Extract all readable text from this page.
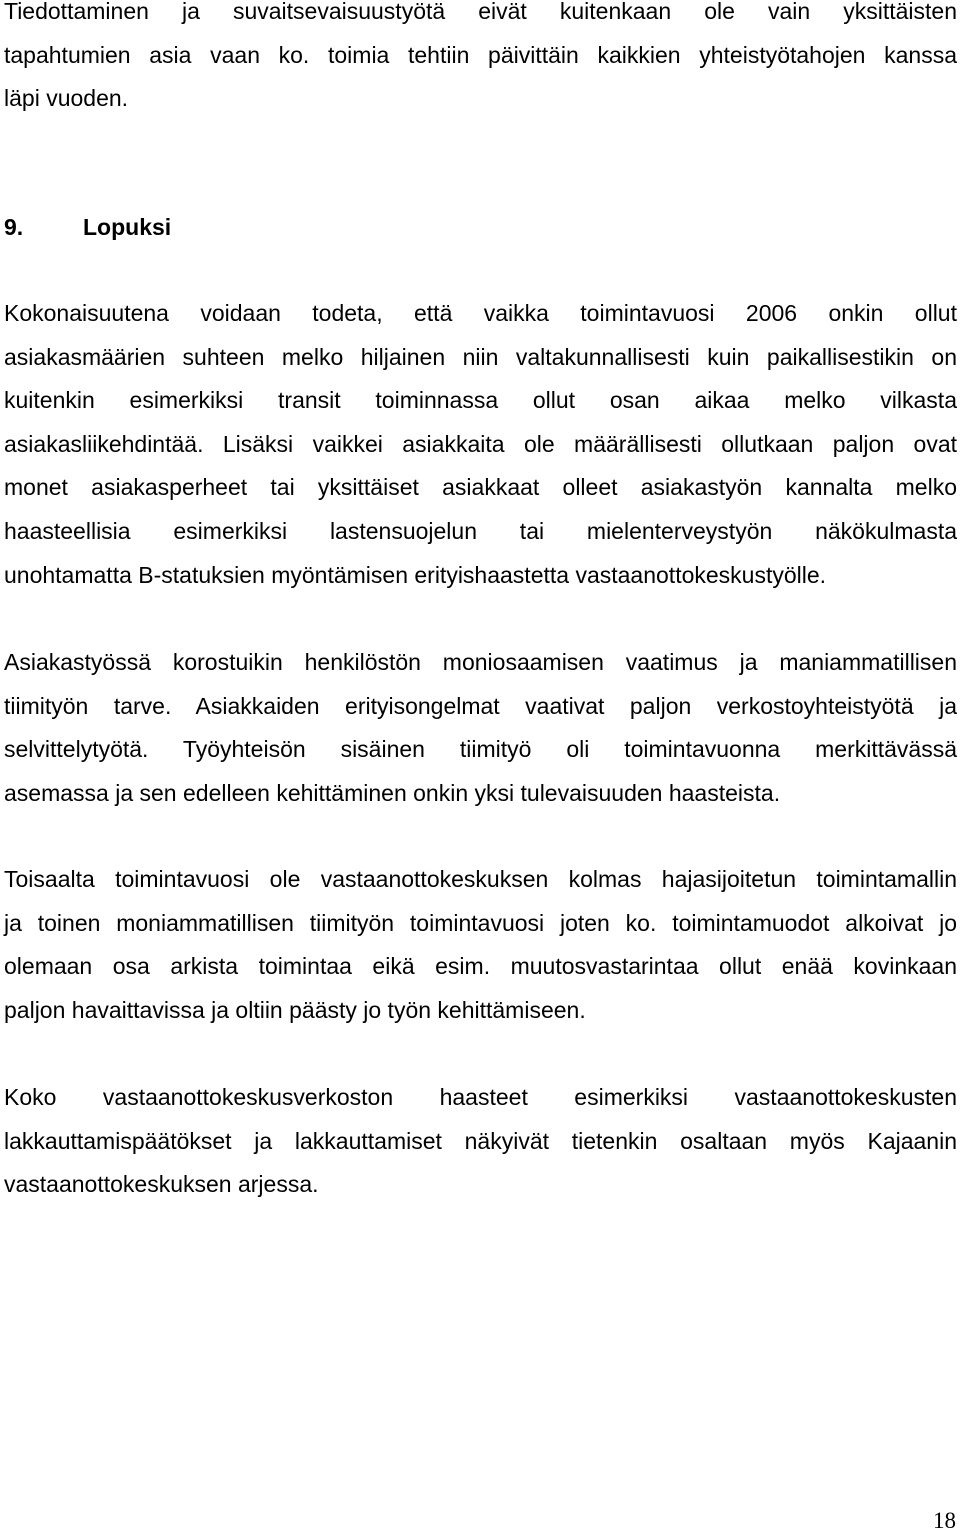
Tiedottaminen ja suvaitsevaisuustyötä eivät kuitenkaan ole vain yksittäisten
tapahtumien asia vaan ko. toimia tehtiin päivittäin kaikkien yhteistyötahojen kanssa
läpi vuoden.
9.	Lopuksi
Kokonaisuutena voidaan todeta, että vaikka toimintavuosi 2006 onkin ollut
asiakasmäärien suhteen melko hiljainen niin valtakunnallisesti kuin paikallisestikin on
kuitenkin esimerkiksi transit toiminnassa ollut osan aikaa melko vilkasta
asiakasliikehdintää. Lisäksi vaikkei asiakkaita ole määrällisesti ollutkaan paljon ovat
monet asiakasperheet tai yksittäiset asiakkaat olleet asiakastyön kannalta melko
haasteellisia esimerkiksi lastensuojelun tai mielenterveystyön näkökulmasta
unohtamatta B-statuksien myöntämisen erityishaastetta vastaanottokeskustyölle.
Asiakastyössä korostuikin henkilöstön moniosaamisen vaatimus ja maniammatillisen
tiimityön tarve. Asiakkaiden erityisongelmat vaativat paljon verkostoyhteistyötä ja
selvittelytyötä. Työyhteisön sisäinen tiimityö oli toimintavuonna merkittävässä
asemassa ja sen edelleen kehittäminen onkin yksi tulevaisuuden haasteista.
Toisaalta toimintavuosi ole vastaanottokeskuksen kolmas hajasijoitetun toimintamallin
ja toinen moniammatillisen tiimityön toimintavuosi joten ko. toimintamuodot alkoivat jo
olemaan osa arkista toimintaa eikä esim. muutosvastarintaa ollut enää kovinkaan
paljon havaittavissa ja oltiin päästy jo työn kehittämiseen.
Koko vastaanottokeskusverkoston haasteet esimerkiksi vastaanottokeskusten
lakkauttamispäätökset ja lakkauttamiset näkyivät tietenkin osaltaan myös Kajaanin
vastaanottokeskuksen arjessa.
18
